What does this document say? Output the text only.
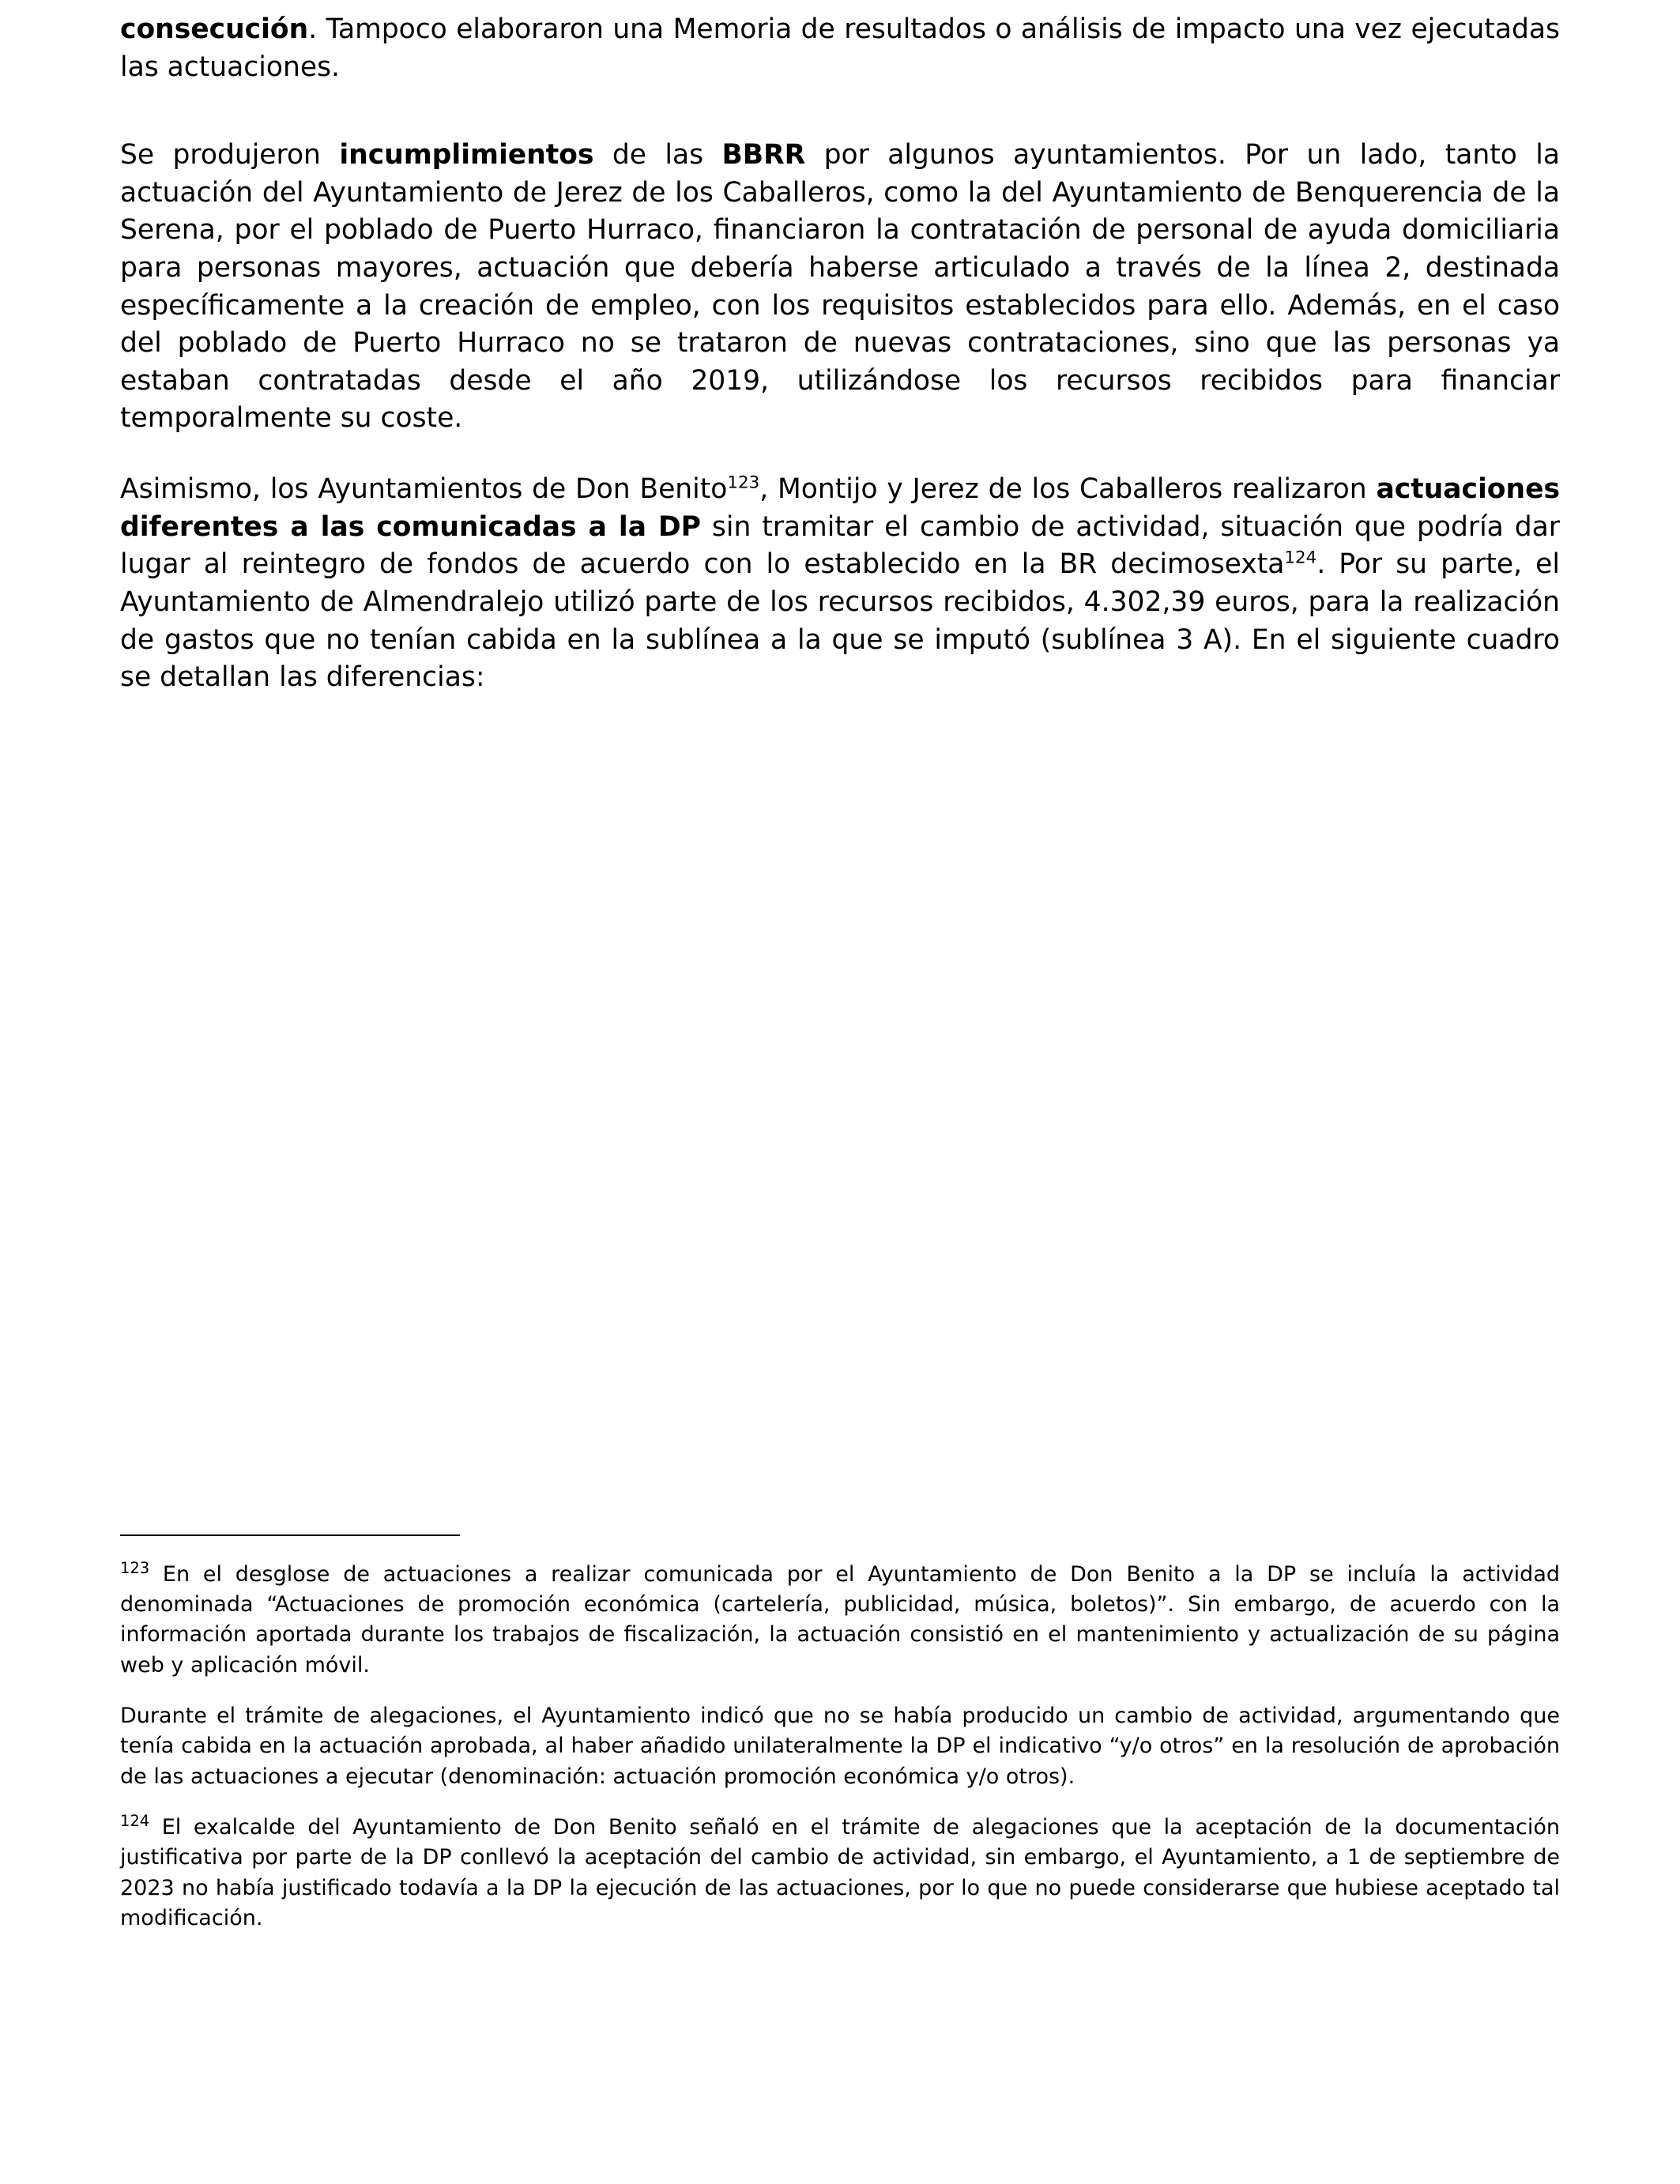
consecución. Tampoco elaboraron una Memoria de resultados o análisis de impacto una vez ejecutadas las actuaciones.

Se produjeron incumplimientos de las BBRR por algunos ayuntamientos. Por un lado, tanto la actuación del Ayuntamiento de Jerez de los Caballeros, como la del Ayuntamiento de Benquerencia de la Serena, por el poblado de Puerto Hurraco, financiaron la contratación de personal de ayuda domiciliaria para personas mayores, actuación que debería haberse articulado a través de la línea 2, destinada específicamente a la creación de empleo, con los requisitos establecidos para ello. Además, en el caso del poblado de Puerto Hurraco no se trataron de nuevas contrataciones, sino que las personas ya estaban contratadas desde el año 2019, utilizándose los recursos recibidos para financiar temporalmente su coste.

Asimismo, los Ayuntamientos de Don Benito$^{123}$, Montijo y Jerez de los Caballeros realizaron actuaciones diferentes a las comunicadas a la DP sin tramitar el cambio de actividad, situación que podría dar lugar al reintegro de fondos de acuerdo con lo establecido en la BR decimosexta$^{124}$. Por su parte, el Ayuntamiento de Almendralejo utilizó parte de los recursos recibidos, 4.302,39 euros, para la realización de gastos que no tenían cabida en la sublínea a la que se imputó (sublínea 3 A). En el siguiente cuadro se detallan las diferencias:

$^{123}$ En el desglose de actuaciones a realizar comunicada por el Ayuntamiento de Don Benito a la DP se incluía la actividad denominada “Actuaciones de promoción económica (cartelería, publicidad, música, boletos)”. Sin embargo, de acuerdo con la información aportada durante los trabajos de fiscalización, la actuación consistió en el mantenimiento y actualización de su página web y aplicación móvil.

Durante el trámite de alegaciones, el Ayuntamiento indicó que no se había producido un cambio de actividad, argumentando que tenía cabida en la actuación aprobada, al haber añadido unilateralmente la DP el indicativo “y/o otros” en la resolución de aprobación de las actuaciones a ejecutar (denominación: actuación promoción económica y/o otros).

$^{124}$ El exalcalde del Ayuntamiento de Don Benito señaló en el trámite de alegaciones que la aceptación de la documentación justificativa por parte de la DP conllevó la aceptación del cambio de actividad, sin embargo, el Ayuntamiento, a 1 de septiembre de 2023 no había justificado todavía a la DP la ejecución de las actuaciones, por lo que no puede considerarse que hubiese aceptado tal modificación.
